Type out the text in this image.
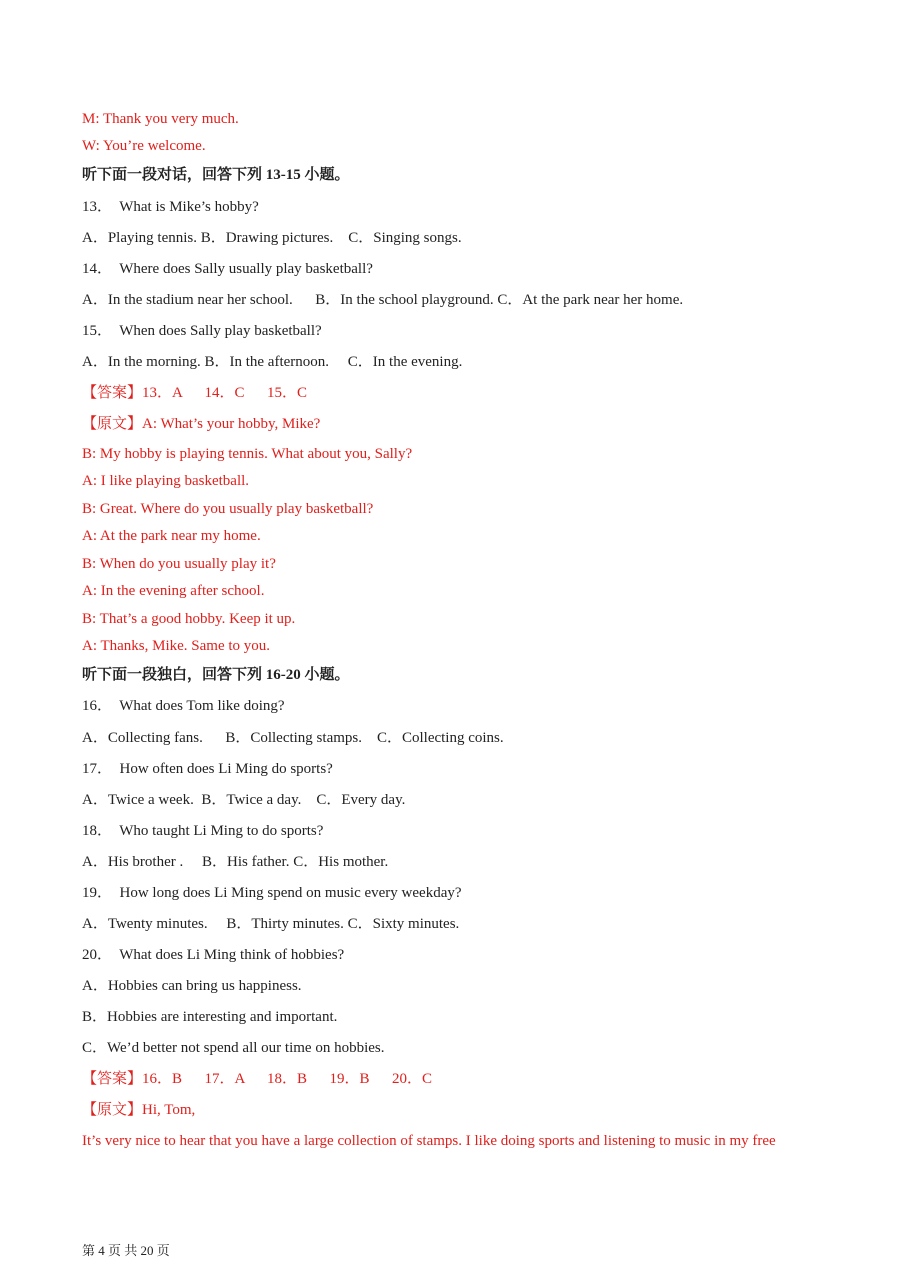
M: Thank you very much.
W: You’re welcome.
听下面一段对话，回答下列 13-15 小题。
13．  What is Mike’s hobby?
A．Playing tennis. B．Drawing pictures.    C．Singing songs.
14．  Where does Sally usually play basketball?
A．In the stadium near her school.      B．In the school playground. C．At the park near her home.
15．  When does Sally play basketball?
A．In the morning. B．In the afternoon.     C．In the evening.
【答案】13．A      14．C      15．C
【原文】A: What’s your hobby, Mike?
B: My hobby is playing tennis. What about you, Sally?
A: I like playing basketball.
B: Great. Where do you usually play basketball?
A: At the park near my home.
B: When do you usually play it?
A: In the evening after school.
B: That’s a good hobby. Keep it up.
A: Thanks, Mike. Same to you.
听下面一段独白，回答下列 16-20 小题。
16．  What does Tom like doing?
A．Collecting fans.      B．Collecting stamps.    C．Collecting coins.
17．  How often does Li Ming do sports?
A．Twice a week.  B．Twice a day.    C．Every day.
18．  Who taught Li Ming to do sports?
A．His brother .     B．His father. C．His mother.
19．  How long does Li Ming spend on music every weekday?
A．Twenty minutes.     B．Thirty minutes. C．Sixty minutes.
20．  What does Li Ming think of hobbies?
A．Hobbies can bring us happiness.
B．Hobbies are interesting and important.
C．We’d better not spend all our time on hobbies.
【答案】16．B      17．A      18．B      19．B      20．C
【原文】Hi, Tom,
It’s very nice to hear that you have a large collection of stamps. I like doing sports and listening to music in my free
第 4 页 共 20 页
